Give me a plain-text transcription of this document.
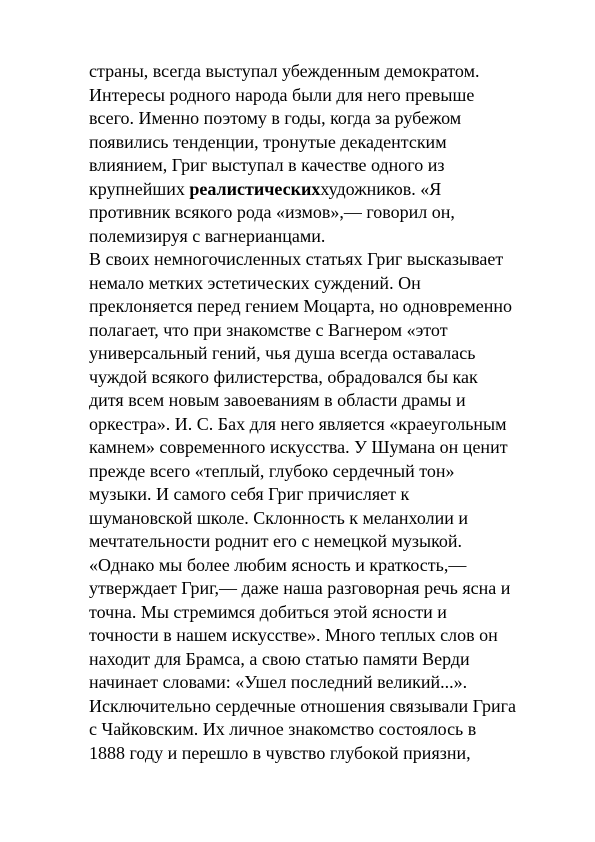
страны, всегда выступал убежденным демократом.
Интересы родного народа были для него превыше
всего. Именно поэтому в годы, когда за рубежом
появились тенденции, тронутые декадентским
влиянием, Григ выступал в качестве одного из
крупнейших реалистическиххудожников. «Я
противник всякого рода «измов»,— говорил он,
полемизируя с вагнерианцами.
В своих немногочисленных статьях Григ высказывает
немало метких эстетических суждений. Он
преклоняется перед гением Моцарта, но одновременно
полагает, что при знакомстве с Вагнером «этот
универсальный гений, чья душа всегда оставалась
чуждой всякого филистерства, обрадовался бы как
дитя всем новым завоеваниям в области драмы и
оркестра». И. С. Бах для него является «краеугольным
камнем» современного искусства. У Шумана он ценит
прежде всего «теплый, глубоко сердечный тон»
музыки. И самого себя Григ причисляет к
шумановской школе. Склонность к меланхолии и
мечтательности роднит его с немецкой музыкой.
«Однако мы более любим ясность и краткость,—
утверждает Григ,— даже наша разговорная речь ясна и
точна. Мы стремимся добиться этой ясности и
точности в нашем искусстве». Много теплых слов он
находит для Брамса, а свою статью памяти Верди
начинает словами: «Ушел последний великий...».
Исключительно сердечные отношения связывали Грига
с Чайковским. Их личное знакомство состоялось в
1888 году и перешло в чувство глубокой приязни,
